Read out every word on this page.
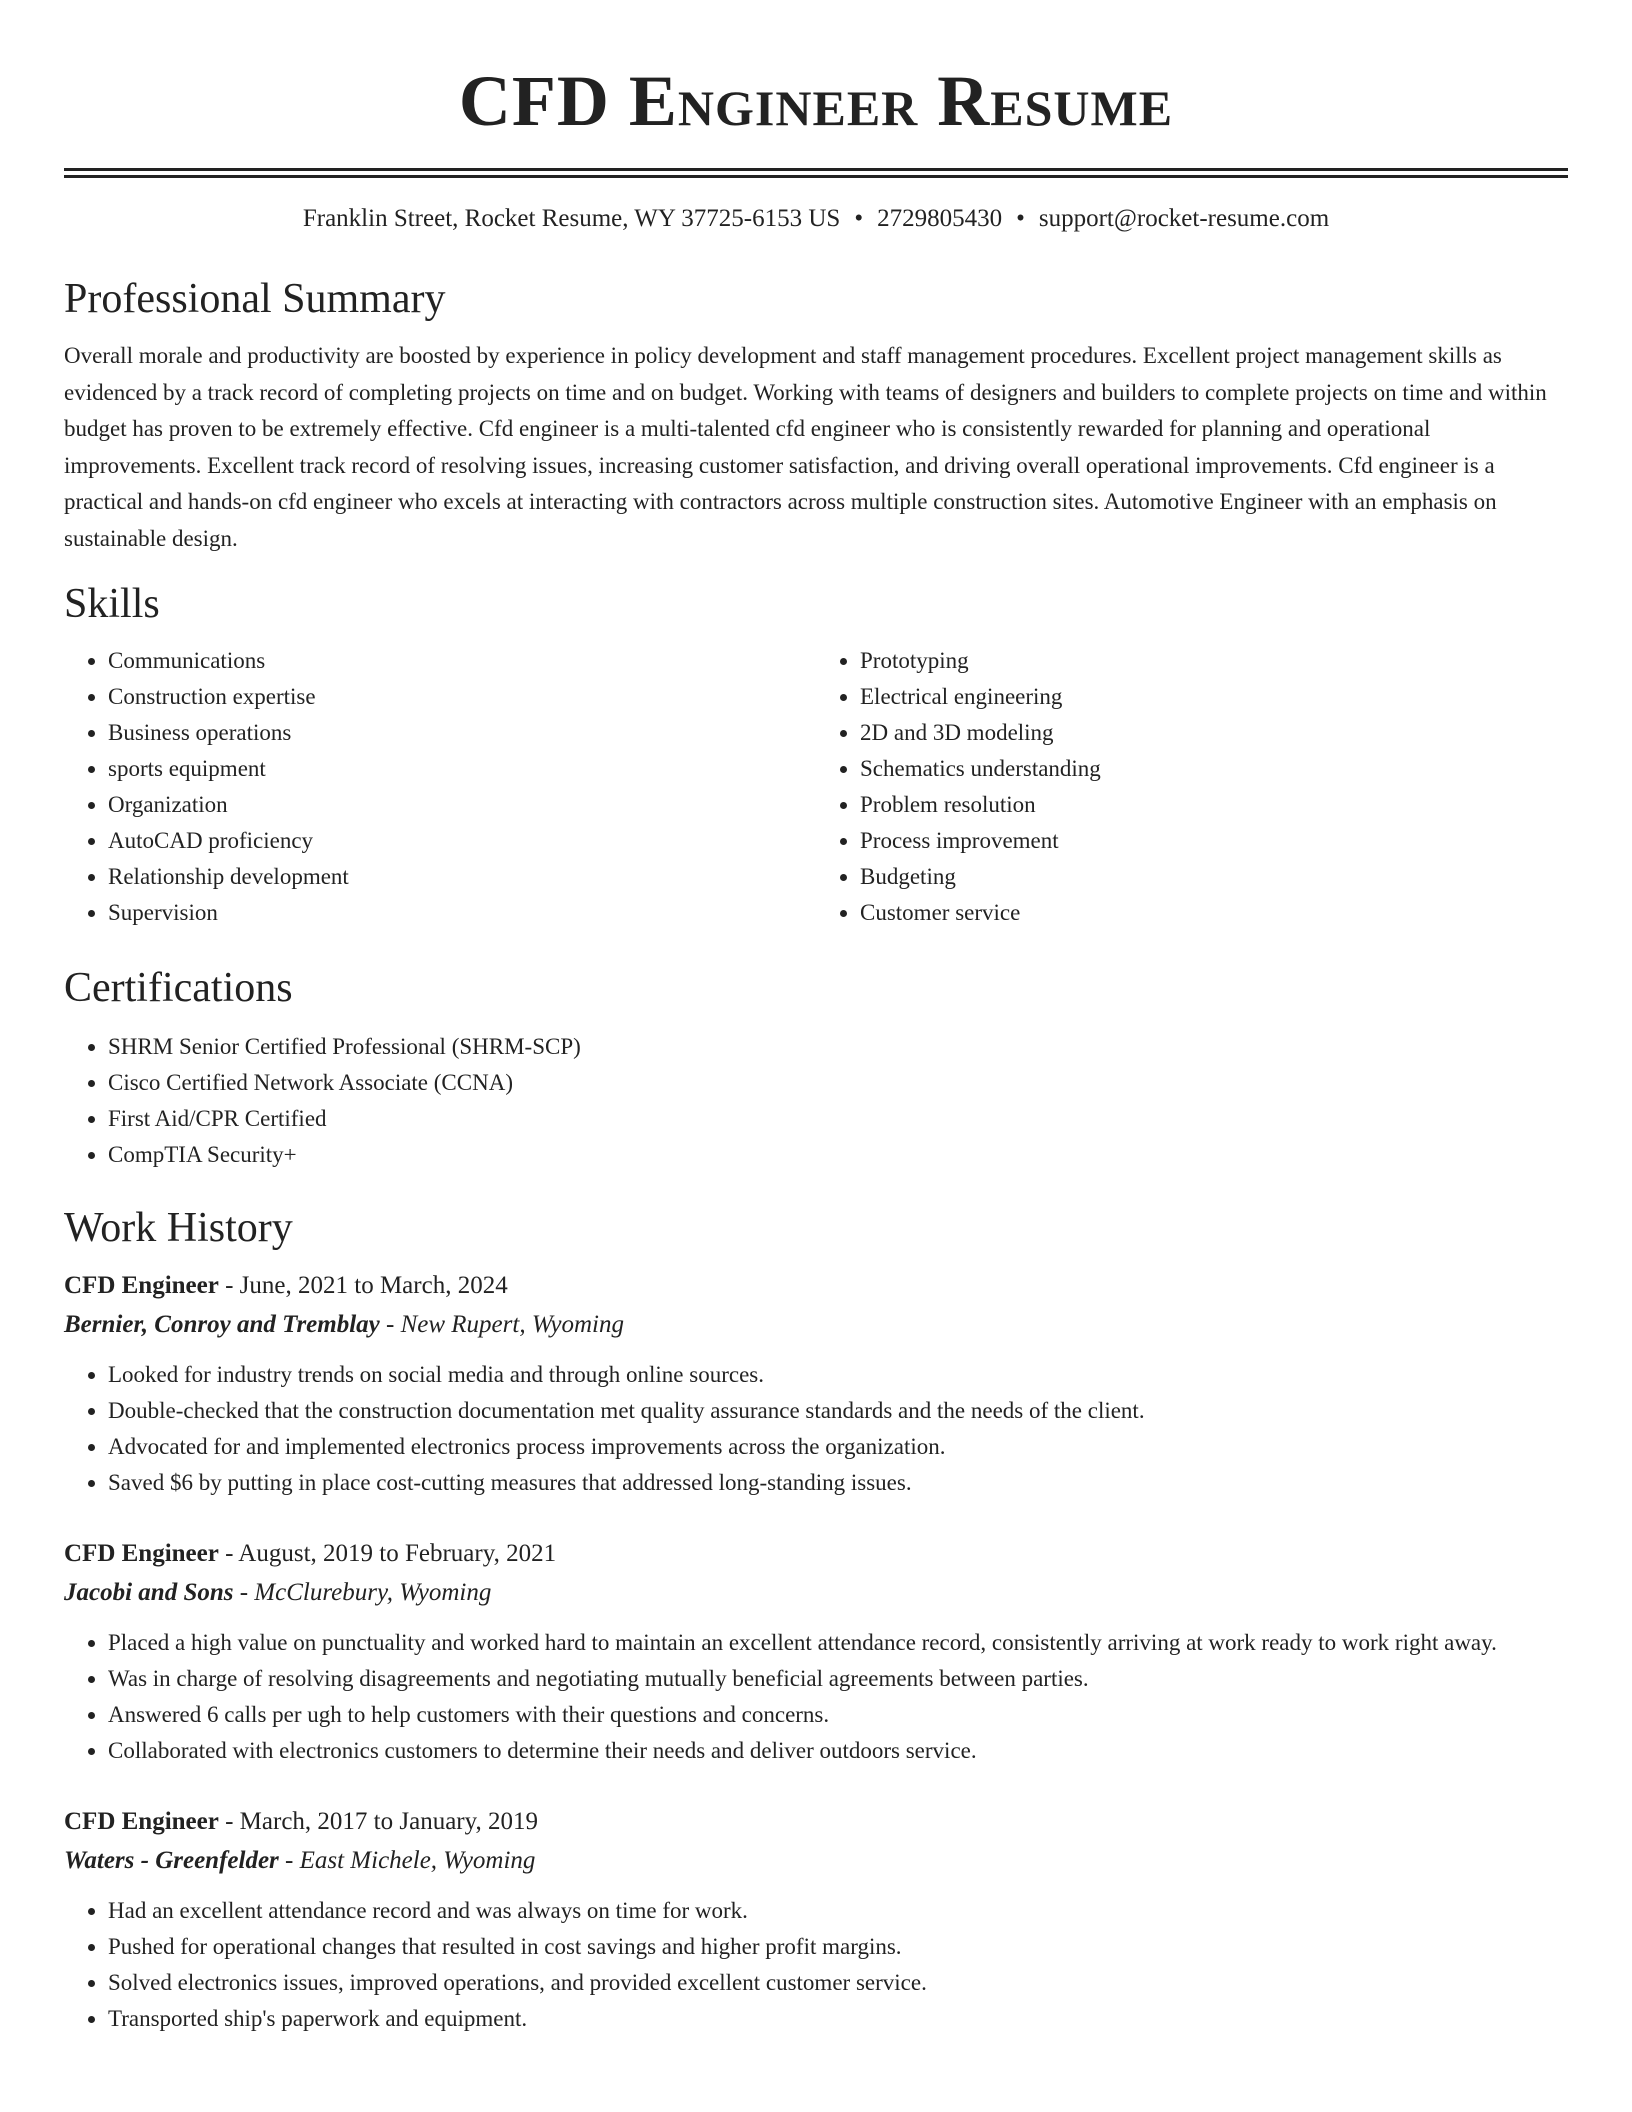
CFD Engineer Resume
Franklin Street, Rocket Resume, WY 37725-6153 US • 2729805430 • support@rocket-resume.com
Professional Summary

Overall morale and productivity are boosted by experience in policy development and staff management procedures. Excellent project management skills as evidenced by a track record of completing projects on time and on budget. Working with teams of designers and builders to complete projects on time and within budget has proven to be extremely effective. Cfd engineer is a multi-talented cfd engineer who is consistently rewarded for planning and operational improvements. Excellent track record of resolving issues, increasing customer satisfaction, and driving overall operational improvements. Cfd engineer is a practical and hands-on cfd engineer who excels at interacting with contractors across multiple construction sites. Automotive Engineer with an emphasis on sustainable design.

Skills
• Communications
• Construction expertise
• Business operations
• sports equipment
• Organization
• AutoCAD proficiency
• Relationship development
• Supervision
• Prototyping
• Electrical engineering
• 2D and 3D modeling
• Schematics understanding
• Problem resolution
• Process improvement
• Budgeting
• Customer service
Certifications
• SHRM Senior Certified Professional (SHRM-SCP)
• Cisco Certified Network Associate (CCNA)
• First Aid/CPR Certified
• CompTIA Security+
Work History
CFD Engineer - June, 2021 to March, 2024
Bernier, Conroy and Tremblay - New Rupert, Wyoming
• Looked for industry trends on social media and through online sources.
• Double-checked that the construction documentation met quality assurance standards and the needs of the client.
• Advocated for and implemented electronics process improvements across the organization.
• Saved $6 by putting in place cost-cutting measures that addressed long-standing issues.
CFD Engineer - August, 2019 to February, 2021
Jacobi and Sons - McClurebury, Wyoming
• Placed a high value on punctuality and worked hard to maintain an excellent attendance record, consistently arriving at work ready to work right away.
• Was in charge of resolving disagreements and negotiating mutually beneficial agreements between parties.
• Answered 6 calls per ugh to help customers with their questions and concerns.
• Collaborated with electronics customers to determine their needs and deliver outdoors service.
CFD Engineer - March, 2017 to January, 2019
Waters - Greenfelder - East Michele, Wyoming
• Had an excellent attendance record and was always on time for work.
• Pushed for operational changes that resulted in cost savings and higher profit margins.
• Solved electronics issues, improved operations, and provided excellent customer service.
• Transported ship's paperwork and equipment.
